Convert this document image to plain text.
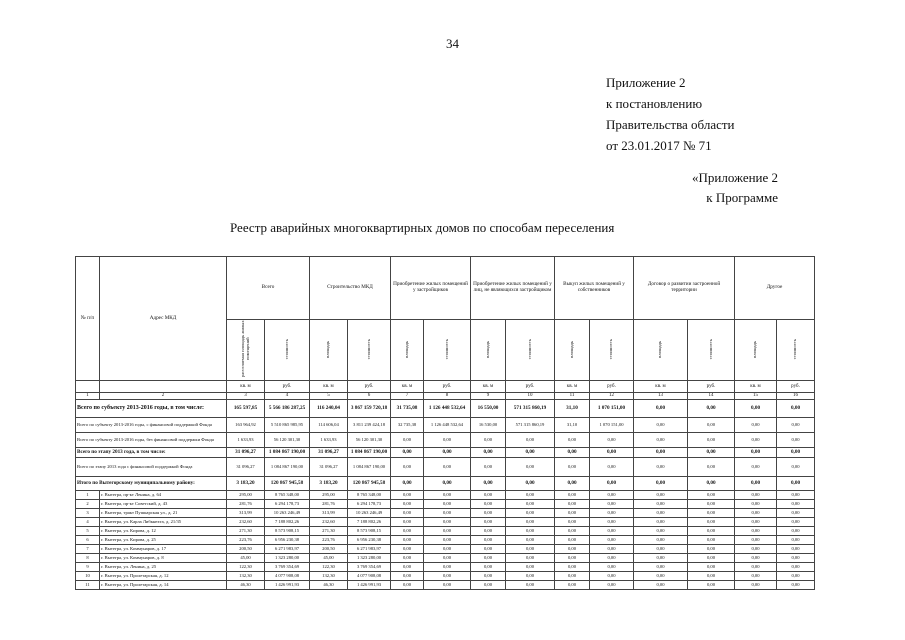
34
Приложение 2
к постановлению
Правительства области
от 23.01.2017 № 71
«Приложение 2
к Программе
Реестр аварийных многоквартирных домов по способам переселения
№ п/п	Адрес МКД	Всего		Строительство МКД		Приобретение жилых помещений у застройщиков		Приобретение жилых помещений у лиц, не являющихся застройщиком		Выкуп жилых помещений у собственников		Договор о развитии застроенной территории		Другое	
		расселяемая площадь жилых помещений	стоимость	площадь	стоимость	площадь	стоимость	площадь	стоимость	площадь	стоимость	площадь	стоимость	площадь	стоимость
		кв. м	руб.	кв. м	руб.	кв. м	руб.	кв. м	руб.	кв. м	руб.	кв. м	руб.	кв. м	руб.
1	2	3	4	5	6	7	8	9	10	11	12	13	14	15	16
Всего по субъекту 2013-2016 годы, в том числе:		165 597,85	5 566 186 287,25	116 240,04	3 867 159 720,18	31 735,08	1 126 448 532,64	16 550,00	571 315 860,19	31,10	1 070 151,00	0,00	0,00	0,00	0,00
Всего по субъекту 2013-2016 годы, с финансовой поддержкой Фонда		163 964,92	5 510 865 985,95	114 606,04	3 811 239 424,18	32 735,38	1 126 448 532,64	16 530,00	571 315 860,19	31,10	1 070 151,00	0,00	0,00	0,00	0,00
Всего по субъекту 2013-2016 годы, без финансовой поддержки Фонда		1 633,93	56 120 301,30	1 633,93	56 120 301,30	0,00	0,00	0,00	0,00	0,00	0,00	0,00	0,00	0,00	0,00
Всего по этапу 2013 года, в том числе:		31 096,27	1 084 867 190,00	31 096,27	1 084 867 190,00	0,00	0,00	0,00	0,00	0,00	0,00	0,00	0,00	0,00	0,00
Всего по этапу 2013 года с финансовой поддержкой Фонда		31 096,27	1 084 867 190,00	31 096,27	1 084 867 190,00	0,00	0,00	0,00	0,00	0,00	0,00	0,00	0,00	0,00	0,00
Итого по Вытегорскому муниципальному району:		3 183,20	120 867 945,58	3 183,20	120 867 945,58	0,00	0,00	0,00	0,00	0,00	0,00	0,00	0,00	0,00	0,00
1	г. Вытегра, пр-кт Ленина, д. 64	295,00	8 765 348,00	295,00	8 765 348,00	0,00	0,00	0,00	0,00	0,00	0,00	0,00	0,00	0,00	0,00
2	г. Вытегра, пр-кт Советский, д. 43	281,76	6 294 178,73	281,76	6 294 178,73	0,00	0,00	0,00	0,00	0,00	0,00	0,00	0,00	0,00	0,00
3	г. Вытегра, тракт Пушкарская ул., д. 21	313,99	10 263 246,49	313,99	10 263 246,49	0,00	0,00	0,00	0,00	0,00	0,00	0,00	0,00	0,00	0,00
4	г. Вытегра, ул. Карла Либкнехта, д. 21/35	232,60	7 188 802,26	232,60	7 188 802,26	0,00	0,00	0,00	0,00	0,00	0,00	0,00	0,00	0,00	0,00
5	г. Вытегра, ул. Кирова, д. 12	271,30	8 573 908,15	271,30	8 573 908,15	0,00	0,00	0,00	0,00	0,00	0,00	0,00	0,00	0,00	0,00
6	г. Вытегра, ул. Кирова, д. 25	223,76	6 956 230,38	223,76	6 956 230,38	0,00	0,00	0,00	0,00	0,00	0,00	0,00	0,00	0,00	0,00
7	г. Вытегра, ул. Коммунаров, д. 17	200,50	6 271 983,97	200,50	6 271 983,97	0,00	0,00	0,00	0,00	0,00	0,00	0,00	0,00	0,00	0,00
8	г. Вытегра, ул. Коммунаров, д. 8	45,00	1 323 280,00	45,00	1 323 280,00	0,00	0,00	0,00	0,00	0,00	0,00	0,00	0,00	0,00	0,00
9	г. Вытегра, ул. Ленина, д. 25	122,30	3 769 354,69	122,30	3 769 354,69	0,00	0,00	0,00	0,00	0,00	0,00	0,00	0,00	0,00	0,00
10	г. Вытегра, ул. Пролетарская, д. 12	132,30	4 077 908,08	132,30	4 077 908,08	0,00	0,00	0,00	0,00	0,00	0,00	0,00	0,00	0,00	0,00
11	г. Вытегра, ул. Пролетарская, д. 14	46,30	1 426 991,93	46,30	1 426 991,93	0,00	0,00	0,00	0,00	0,00	0,00	0,00	0,00	0,00	0,00
